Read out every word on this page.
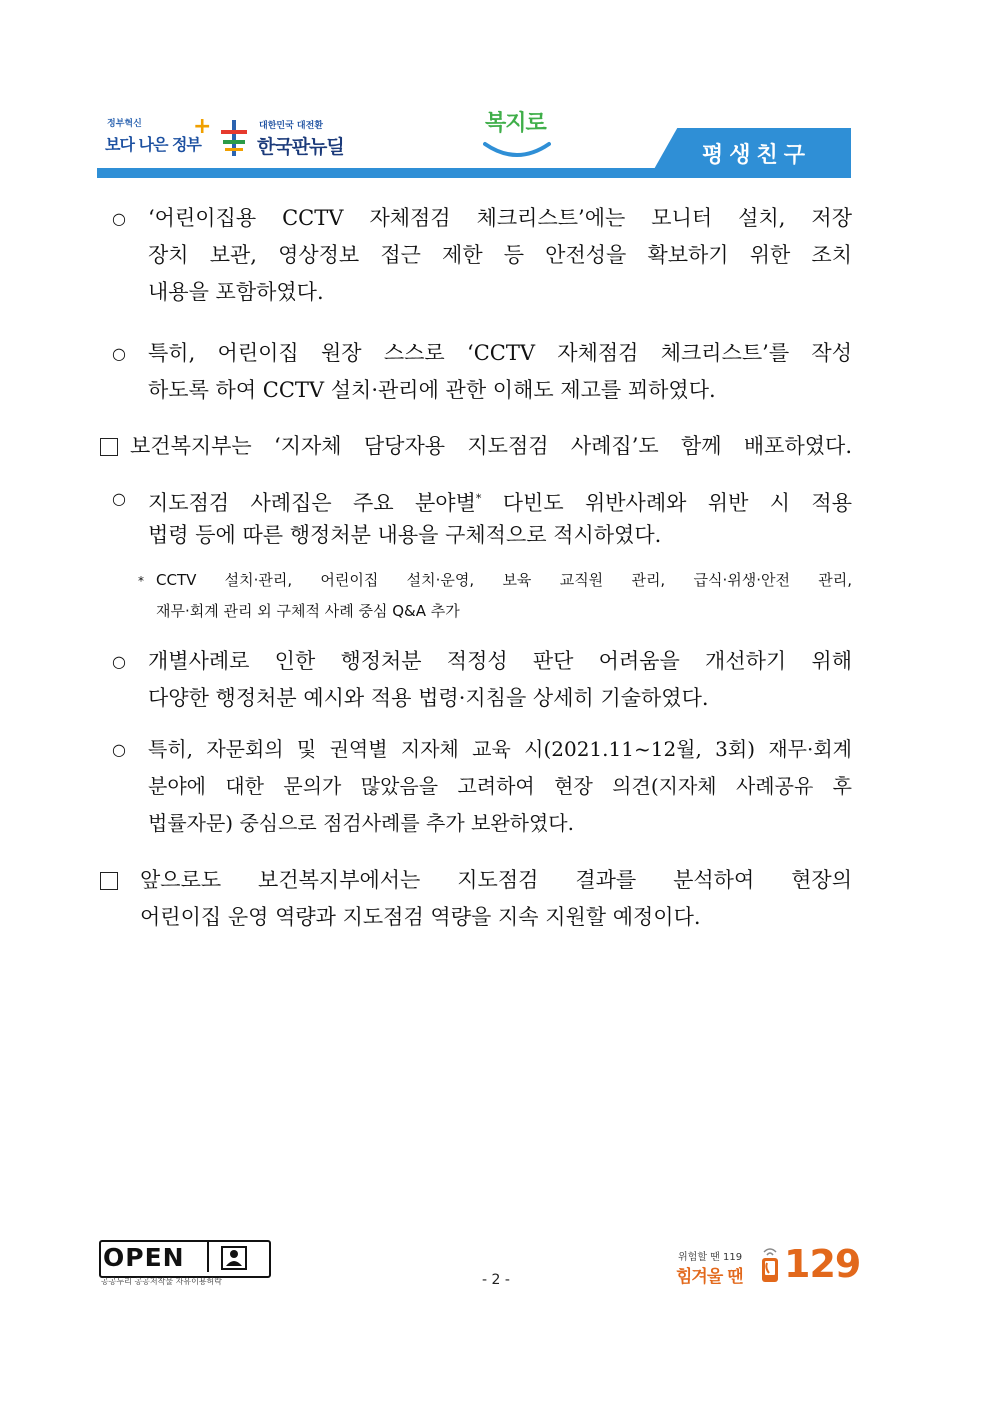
정부혁신
보다 나은 정부
+	대한민국 대전환
한국판뉴딜
복지로
평생친구
○ ‘어린이집용 CCTV 자체점검 체크리스트’에는 모니터 설치, 저장
장치 보관, 영상정보 접근 제한 등 안전성을 확보하기 위한 조치
내용을 포함하였다.
○ 특히, 어린이집 원장 스스로 ‘CCTV 자체점검 체크리스트’를 작성
하도록 하여 CCTV 설치·관리에 관한 이해도 제고를 꾀하였다.
보건복지부는 ‘지자체 담당자용 지도점검 사례집’도 함께 배포하였다.
○ 지도점검 사례집은 주요 분야별* 다빈도 위반사례와 위반 시 적용
법령 등에 따른 행정처분 내용을 구체적으로 적시하였다.
* CCTV 설치·관리, 어린이집 설치·운영, 보육 교직원 관리, 급식·위생·안전 관리,
재무·회계 관리 외 구체적 사례 중심 Q&A 추가
○ 개별사례로 인한 행정처분 적정성 판단 어려움을 개선하기 위해
다양한 행정처분 예시와 적용 법령·지침을 상세히 기술하였다.
○ 특히, 자문회의 및 권역별 지자체 교육 시(2021.11~12월, 3회) 재무·회계
분야에 대한 문의가 많았음을 고려하여 현장 의견(지자체 사례공유 후
법률자문) 중심으로 점검사례를 추가 보완하였다.
앞으로도 보건복지부에서는 지도점검 결과를 분석하여 현장의
어린이집 운영 역량과 지도점검 역량을 지속 지원할 예정이다.
OPEN
공공누리 공공저작물 자유이용허락	- 2 -
위험할 땐 119
힘겨울 땐 129
